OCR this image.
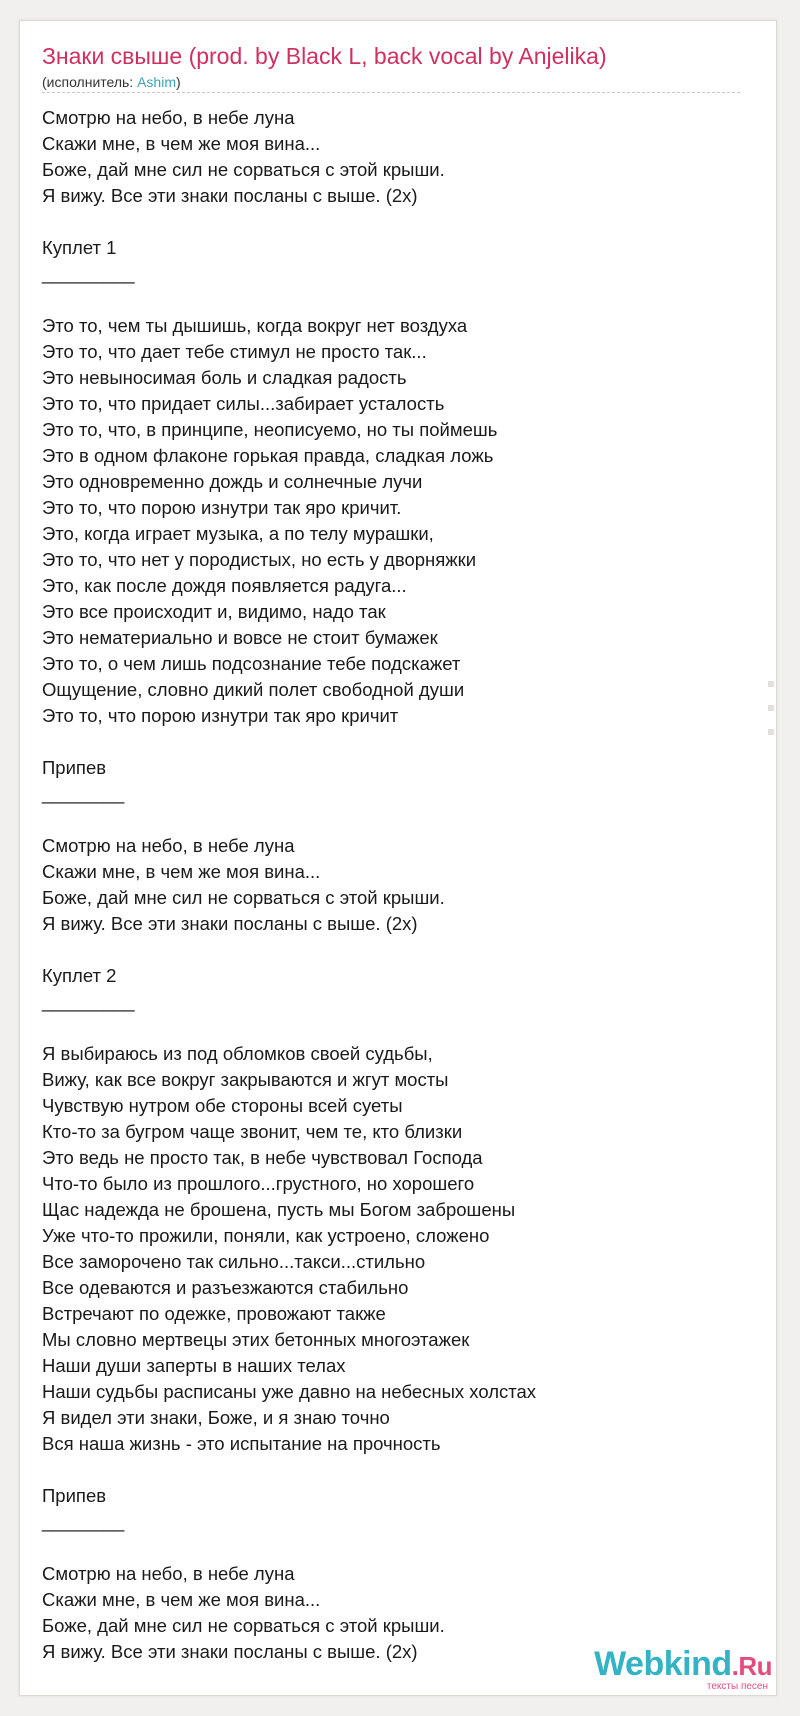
Знаки свыше (prod. by Black L, back vocal by Anjelika)
(исполнитель: Ashim)
Смотрю на небо, в небе луна
Скажи мне, в чем же моя вина...
Боже, дай мне сил не сорваться с этой крыши.
Я вижу. Все эти знаки посланы с выше. (2х)
Куплет 1
_________
Это то, чем ты дышишь, когда вокруг нет воздуха
Это то, что дает тебе стимул не просто так...
Это невыносимая боль и сладкая радость
Это то, что придает силы...забирает усталость
Это то, что, в принципе, неописуемо, но ты поймешь
Это в одном флаконе горькая правда, сладкая ложь
Это одновременно дождь и солнечные лучи
Это то, что порою изнутри так яро кричит.
Это, когда играет музыка, а по телу мурашки,
Это то, что нет у породистых, но есть у дворняжки
Это, как после дождя появляется радуга...
Это все происходит и, видимо, надо так
Это нематериально и вовсе не стоит бумажек
Это то, о чем лишь подсознание тебе подскажет
Ощущение, словно дикий полет свободной души
Это то, что порою изнутри так яро кричит
Припев
________
Смотрю на небо, в небе луна
Скажи мне, в чем же моя вина...
Боже, дай мне сил не сорваться с этой крыши.
Я вижу. Все эти знаки посланы с выше. (2х)
Куплет 2
_________
Я выбираюсь из под обломков своей судьбы,
Вижу, как все вокруг закрываются и жгут мосты
Чувствую нутром обе стороны всей суеты
Кто-то за бугром чаще звонит, чем те, кто близки
Это ведь не просто так, в небе чувствовал Господа
Что-то было из прошлого...грустного, но хорошего
Щас надежда не брошена, пусть мы Богом заброшены
Уже что-то прожили, поняли, как устроено, сложено
Все заморочено так сильно...такси...стильно
Все одеваются и разъезжаются стабильно
Встречают по одежке, провожают также
Мы словно мертвецы этих бетонных многоэтажек
Наши души заперты в наших телах
Наши судьбы расписаны уже давно на небесных холстах
Я видел эти знаки, Боже, и я знаю точно
Вся наша жизнь - это испытание на прочность
Припев
________
Смотрю на небо, в небе луна
Скажи мне, в чем же моя вина...
Боже, дай мне сил не сорваться с этой крыши.
Я вижу. Все эти знаки посланы с выше. (2х)	Webkind.Ru
тексты песен
